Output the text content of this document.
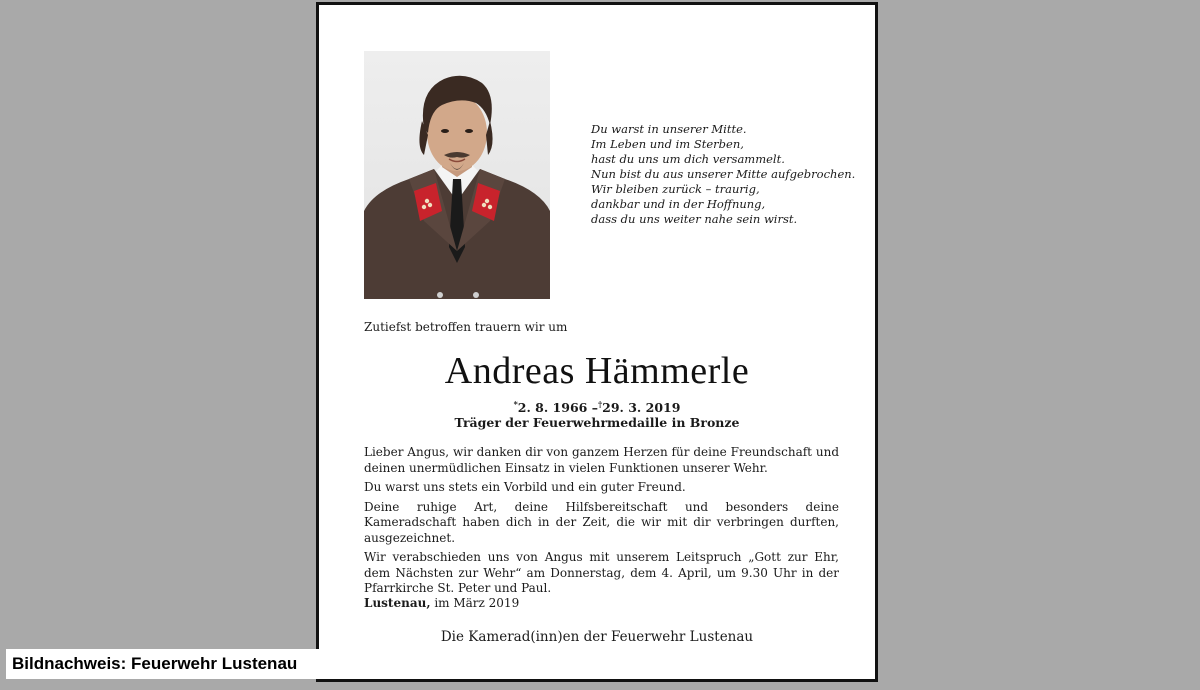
Du warst in unserer Mitte.
Im Leben und im Sterben,
hast du uns um dich versammelt.
Nun bist du aus unserer Mitte aufgebrochen.
Wir bleiben zurück – traurig,
dankbar und in der Hoffnung,
dass du uns weiter nahe sein wirst.
Zutiefst betroffen trauern wir um
Andreas Hämmerle
*2. 8. 1966 –†29. 3. 2019
Träger der Feuerwehrmedaille in Bronze

Lieber Angus, wir danken dir von ganzem Herzen für deine Freundschaft und deinen unermüdlichen Einsatz in vielen Funktionen unserer Wehr.

Du warst uns stets ein Vorbild und ein guter Freund.

Deine ruhige Art, deine Hilfsbereitschaft und besonders deine Kameradschaft haben dich in der Zeit, die wir mit dir verbringen durften, ausgezeichnet.

Wir verabschieden uns von Angus mit unserem Leitspruch „Gott zur Ehr, dem Nächsten zur Wehr“ am Donnerstag, dem 4. April, um 9.30 Uhr in der Pfarrkirche St. Peter und Paul.

Lustenau, im März 2019
Die Kamerad(inn)en der Feuerwehr Lustenau
Bildnachweis: Feuerwehr Lustenau
